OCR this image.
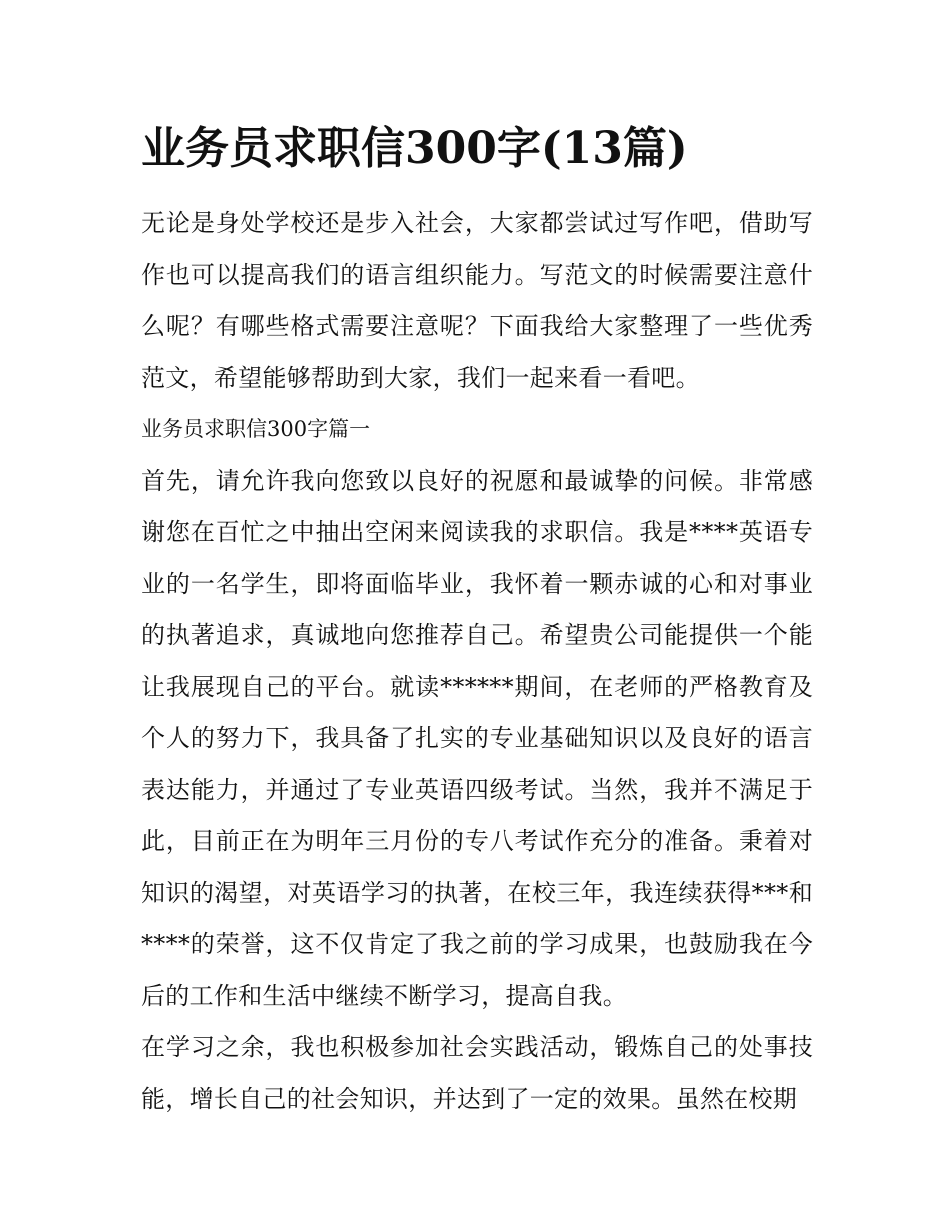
业务员求职信300字(13篇)

无论是身处学校还是步入社会，大家都尝试过写作吧，借助写作也可以提高我们的语言组织能力。写范文的时候需要注意什么呢？有哪些格式需要注意呢？下面我给大家整理了一些优秀范文，希望能够帮助到大家，我们一起来看一看吧。

业务员求职信300字篇一

首先，请允许我向您致以良好的祝愿和最诚挚的问候。非常感谢您在百忙之中抽出空闲来阅读我的求职信。我是****英语专业的一名学生，即将面临毕业，我怀着一颗赤诚的心和对事业的执著追求，真诚地向您推荐自己。希望贵公司能提供一个能让我展现自己的平台。就读******期间，在老师的严格教育及个人的努力下，我具备了扎实的专业基础知识以及良好的语言表达能力，并通过了专业英语四级考试。当然，我并不满足于此，目前正在为明年三月份的专八考试作充分的准备。秉着对知识的渴望，对英语学习的执著，在校三年，我连续获得***和****的荣誉，这不仅肯定了我之前的学习成果，也鼓励我在今后的工作和生活中继续不断学习，提高自我。

在学习之余，我也积极参加社会实践活动，锻炼自己的处事技能，增长自己的社会知识，并达到了一定的效果。虽然在校期
